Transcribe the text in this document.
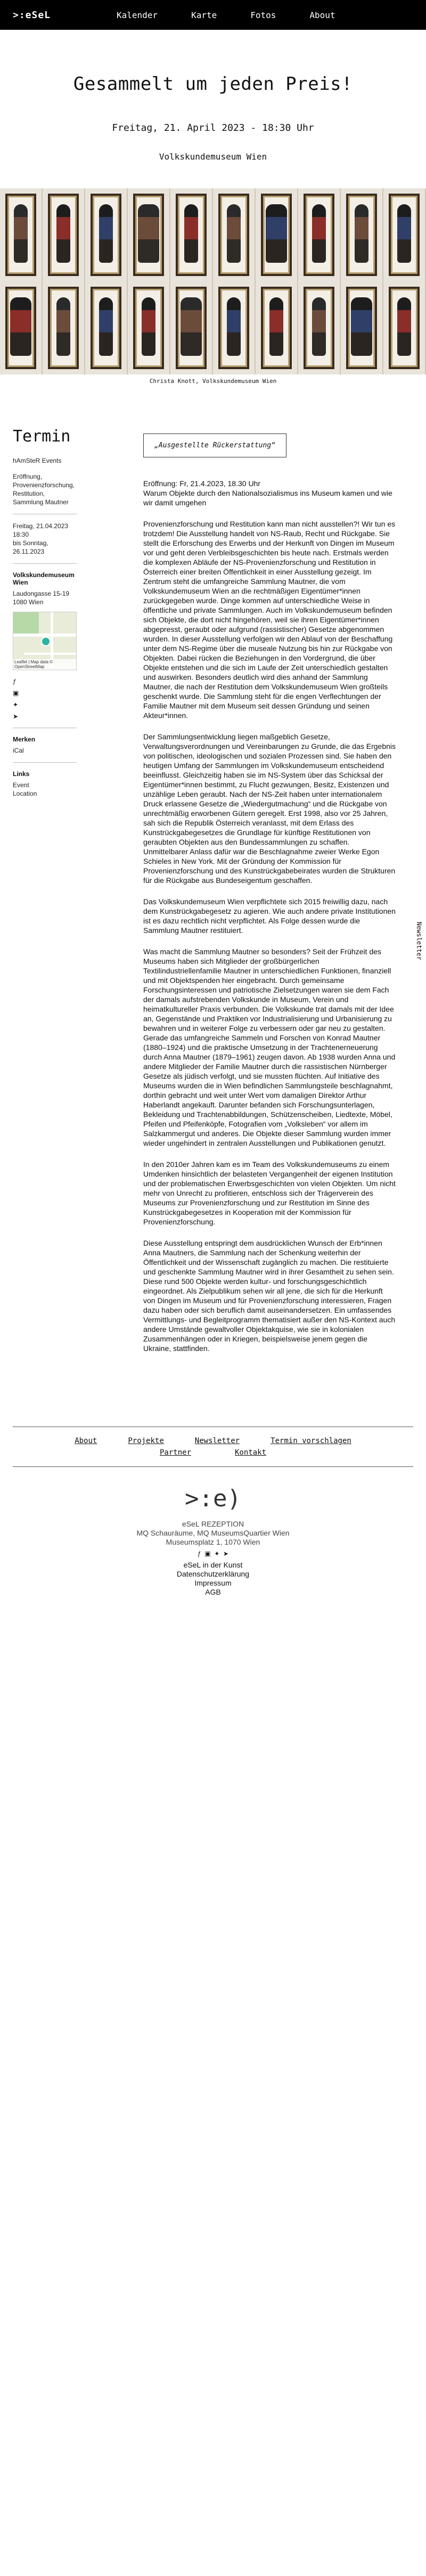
>:eSeL	Kalender	Karte	Fotos	About
Gesammelt um jeden Preis!
Freitag, 21. April 2023 - 18:30 Uhr
Volkskundemuseum Wien
Christa Knott, Volkskundemuseum Wien
Termin
hAmSteR Events
Eröffnung, Provenienzforschung, Restitution, Sammlung Mautner
Freitag, 21.04.2023
18:30
bis Sonntag,
26.11.2023
Volkskundemuseum Wien
Laudongasse 15-19
1080 Wien
Leaflet | Map data © OpenStreetMap
ƒ
▣
✦
➤
Merken
iCal
Links
Event
Location
„Ausgestellte Rückerstattung“
Eröffnung: Fr, 21.4.2023, 18.30 Uhr
Warum Objekte durch den Nationalsozialismus ins Museum kamen und wie wir damit umgehen

Provenienzforschung und Restitution kann man nicht ausstellen?! Wir tun es trotzdem! Die Ausstellung handelt von NS-Raub, Recht und Rückgabe. Sie stellt die Erforschung des Erwerbs und der Herkunft von Dingen im Museum vor und geht deren Verbleibsgeschichten bis heute nach. Erstmals werden die komplexen Abläufe der NS-Provenienzforschung und Restitution in Österreich einer breiten Öffentlichkeit in einer Ausstellung gezeigt. Im Zentrum steht die umfangreiche Sammlung Mautner, die vom Volkskundemuseum Wien an die rechtmäßigen Eigentümer*innen zurückgegeben wurde. Dinge kommen auf unterschiedliche Weise in öffentliche und private Sammlungen. Auch im Volkskundemuseum befinden sich Objekte, die dort nicht hingehören, weil sie ihren Eigentümer*innen abgepresst, geraubt oder aufgrund (rassistischer) Gesetze abgenommen wurden. In dieser Ausstellung verfolgen wir den Ablauf von der Beschaffung unter dem NS-Regime über die museale Nutzung bis hin zur Rückgabe von Objekten. Dabei rücken die Beziehungen in den Vordergrund, die über Objekte entstehen und die sich im Laufe der Zeit unterschiedlich gestalten und auswirken. Besonders deutlich wird dies anhand der Sammlung Mautner, die nach der Restitution dem Volkskundemuseum Wien großteils geschenkt wurde. Die Sammlung steht für die engen Verflechtungen der Familie Mautner mit dem Museum seit dessen Gründung und seinen Akteur*innen.

Der Sammlungsentwicklung liegen maßgeblich Gesetze, Verwaltungsverordnungen und Vereinbarungen zu Grunde, die das Ergebnis von politischen, ideologischen und sozialen Prozessen sind. Sie haben den heutigen Umfang der Sammlungen im Volkskundemuseum entscheidend beeinflusst. Gleichzeitig haben sie im NS-System über das Schicksal der Eigentümer*innen bestimmt, zu Flucht gezwungen, Besitz, Existenzen und unzählige Leben geraubt. Nach der NS-Zeit haben unter internationalem Druck erlassene Gesetze die „Wiedergutmachung“ und die Rückgabe von unrechtmäßig erworbenen Gütern geregelt. Erst 1998, also vor 25 Jahren, sah sich die Republik Österreich veranlasst, mit dem Erlass des Kunstrückgabegesetzes die Grundlage für künftige Restitutionen von geraubten Objekten aus den Bundessammlungen zu schaffen. Unmittelbarer Anlass dafür war die Beschlagnahme zweier Werke Egon Schieles in New York. Mit der Gründung der Kommission für Provenienzforschung und des Kunstrückgabebeirates wurden die Strukturen für die Rückgabe aus Bundeseigentum geschaffen.

Das Volkskundemuseum Wien verpflichtete sich 2015 freiwillig dazu, nach dem Kunstrückgabegesetz zu agieren. Wie auch andere private Institutionen ist es dazu rechtlich nicht verpflichtet. Als Folge dessen wurde die Sammlung Mautner restituiert.

Was macht die Sammlung Mautner so besonders? Seit der Frühzeit des Museums haben sich Mitglieder der großbürgerlichen Textilindustriellenfamilie Mautner in unterschiedlichen Funktionen, finanziell und mit Objektspenden hier eingebracht. Durch gemeinsame Forschungsinteressen und patriotische Zielsetzungen waren sie dem Fach der damals aufstrebenden Volkskunde in Museum, Verein und heimatkultureller Praxis verbunden. Die Volkskunde trat damals mit der Idee an, Gegenstände und Praktiken vor Industrialisierung und Urbanisierung zu bewahren und in weiterer Folge zu verbessern oder gar neu zu gestalten. Gerade das umfangreiche Sammeln und Forschen von Konrad Mautner (1880–1924) und die praktische Umsetzung in der Trachtenerneuerung durch Anna Mautner (1879–1961) zeugen davon. Ab 1938 wurden Anna und andere Mitglieder der Familie Mautner durch die rassistischen Nürnberger Gesetze als jüdisch verfolgt, und sie mussten flüchten. Auf Initiative des Museums wurden die in Wien befindlichen Sammlungsteile beschlagnahmt, dorthin gebracht und weit unter Wert vom damaligen Direktor Arthur Haberlandt angekauft. Darunter befanden sich Forschungsunterlagen, Bekleidung und Trachtenabbildungen, Schützenscheiben, Liedtexte, Möbel, Pfeifen und Pfeifenköpfe, Fotografien vom „Volksleben“ vor allem im Salzkammergut und anderes. Die Objekte dieser Sammlung wurden immer wieder ungehindert in zentralen Ausstellungen und Publikationen genutzt.

In den 2010er Jahren kam es im Team des Volkskundemuseums zu einem Umdenken hinsichtlich der belasteten Vergangenheit der eigenen Institution und der problematischen Erwerbsgeschichten von vielen Objekten. Um nicht mehr von Unrecht zu profitieren, entschloss sich der Trägerverein des Museums zur Provenienzforschung und zur Restitution im Sinne des Kunstrückgabegesetzes in Kooperation mit der Kommission für Provenienzforschung.

Diese Ausstellung entspringt dem ausdrücklichen Wunsch der Erb*innen Anna Mautners, die Sammlung nach der Schenkung weiterhin der Öffentlichkeit und der Wissenschaft zugänglich zu machen. Die restituierte und geschenkte Sammlung Mautner wird in ihrer Gesamtheit zu sehen sein. Diese rund 500 Objekte werden kultur- und forschungsgeschichtlich eingeordnet. Als Zielpublikum sehen wir all jene, die sich für die Herkunft von Dingen im Museum und für Provenienzforschung interessieren, Fragen dazu haben oder sich beruflich damit auseinandersetzen. Ein umfassendes Vermittlungs- und Begleitprogramm thematisiert außer den NS-Kontext auch andere Umstände gewaltvoller Objektakquise, wie sie in kolonialen Zusammenhängen oder in Kriegen, beispielsweise jenem gegen die Ukraine, stattfinden.

Newsletter
About	Projekte	Newsletter	Termin vorschlagen
Partner	Kontakt
>:e)
eSeL REZEPTION
MQ Schauräume, MQ MuseumsQuartier Wien
Museumsplatz 1, 1070 Wien
ƒ ▣ ✦ ➤
eSeL in der Kunst
Datenschutzerklärung
Impressum
AGB
